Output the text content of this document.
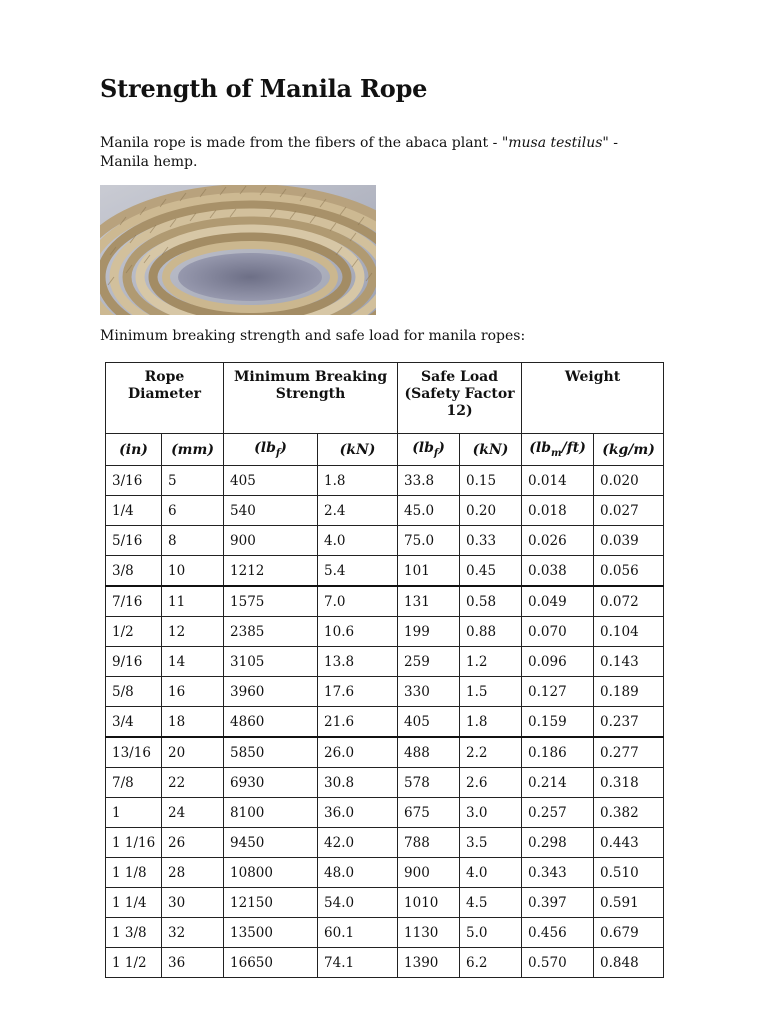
Strength of Manila Rope

Manila rope is made from the fibers of the abaca plant - "musa testilus" - Manila hemp.

Minimum breaking strength and safe load for manila ropes:

Rope Diameter		Minimum Breaking Strength		Safe Load (Safety Factor 12)		Weight	
(in)	(mm)	$(lb_f)$	(kN)	$(lb_f)$	(kN)	$(lb_m/ft)$	(kg/m)
3/16	5	405	1.8	33.8	0.15	0.014	0.020
1/4	6	540	2.4	45.0	0.20	0.018	0.027
5/16	8	900	4.0	75.0	0.33	0.026	0.039
3/8	10	1212	5.4	101	0.45	0.038	0.056
7/16	11	1575	7.0	131	0.58	0.049	0.072
1/2	12	2385	10.6	199	0.88	0.070	0.104
9/16	14	3105	13.8	259	1.2	0.096	0.143
5/8	16	3960	17.6	330	1.5	0.127	0.189
3/4	18	4860	21.6	405	1.8	0.159	0.237
13/16	20	5850	26.0	488	2.2	0.186	0.277
7/8	22	6930	30.8	578	2.6	0.214	0.318
1	24	8100	36.0	675	3.0	0.257	0.382
1 1/16	26	9450	42.0	788	3.5	0.298	0.443
1 1/8	28	10800	48.0	900	4.0	0.343	0.510
1 1/4	30	12150	54.0	1010	4.5	0.397	0.591
1 3/8	32	13500	60.1	1130	5.0	0.456	0.679
1 1/2	36	16650	74.1	1390	6.2	0.570	0.848
